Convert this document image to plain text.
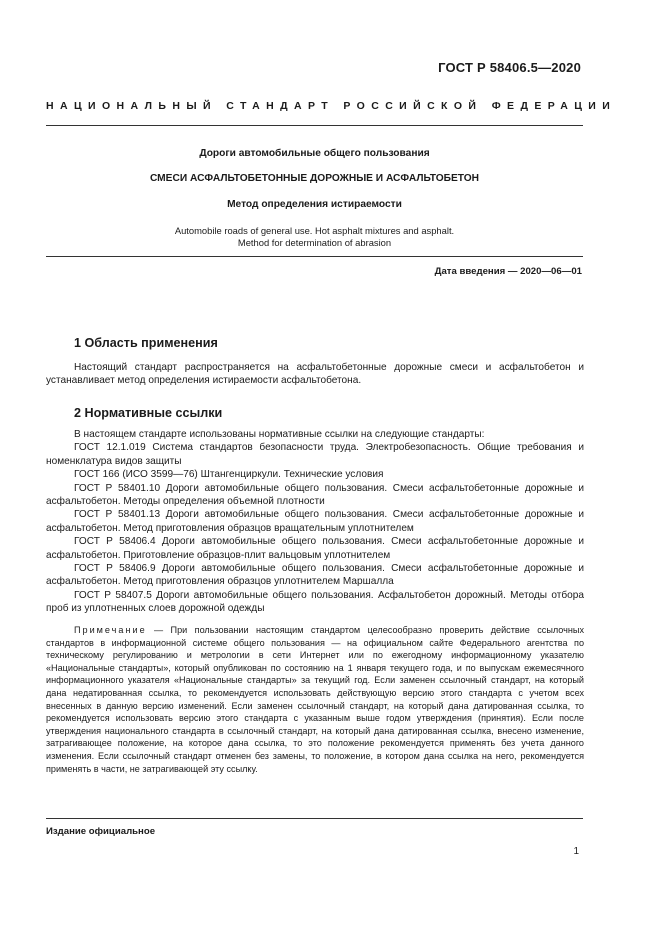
ГОСТ Р 58406.5—2020
НАЦИОНАЛЬНЫЙ СТАНДАРТ РОССИЙСКОЙ ФЕДЕРАЦИИ
Дороги автомобильные общего пользования
СМЕСИ АСФАЛЬТОБЕТОННЫЕ ДОРОЖНЫЕ И АСФАЛЬТОБЕТОН
Метод определения истираемости
Automobile roads of general use. Hot asphalt mixtures and asphalt.
Method for determination of abrasion
Дата введения — 2020—06—01
1 Область применения

Настоящий стандарт распространяется на асфальтобетонные дорожные смеси и асфальтобетон и устанавливает метод определения истираемости асфальтобетона.

2 Нормативные ссылки

В настоящем стандарте использованы нормативные ссылки на следующие стандарты:

ГОСТ 12.1.019 Система стандартов безопасности труда. Электробезопасность. Общие требования и номенклатура видов защиты

ГОСТ 166 (ИСО 3599—76) Штангенциркули. Технические условия

ГОСТ Р 58401.10 Дороги автомобильные общего пользования. Смеси асфальтобетонные дорожные и асфальтобетон. Методы определения объемной плотности

ГОСТ Р 58401.13 Дороги автомобильные общего пользования. Смеси асфальтобетонные дорожные и асфальтобетон. Метод приготовления образцов вращательным уплотнителем

ГОСТ Р 58406.4 Дороги автомобильные общего пользования. Смеси асфальтобетонные дорожные и асфальтобетон. Приготовление образцов-плит вальцовым уплотнителем

ГОСТ Р 58406.9 Дороги автомобильные общего пользования. Смеси асфальтобетонные дорожные и асфальтобетон. Метод приготовления образцов уплотнителем Маршалла

ГОСТ Р 58407.5 Дороги автомобильные общего пользования. Асфальтобетон дорожный. Методы отбора проб из уплотненных слоев дорожной одежды

Примечание — При пользовании настоящим стандартом целесообразно проверить действие ссылочных стандартов в информационной системе общего пользования — на официальном сайте Федерального агентства по техническому регулированию и метрологии в сети Интернет или по ежегодному информационному указателю «Национальные стандарты», который опубликован по состоянию на 1 января текущего года, и по выпускам ежемесячного информационного указателя «Национальные стандарты» за текущий год. Если заменен ссылочный стандарт, на который дана недатированная ссылка, то рекомендуется использовать действующую версию этого стандарта с учетом всех внесенных в данную версию изменений. Если заменен ссылочный стандарт, на который дана датированная ссылка, то рекомендуется использовать версию этого стандарта с указанным выше годом утверждения (принятия). Если после утверждения национального стандарта в ссылочный стандарт, на который дана датированная ссылка, внесено изменение, затрагивающее положение, на которое дана ссылка, то это положение рекомендуется применять без учета данного изменения. Если ссылочный стандарт отменен без замены, то положение, в котором дана ссылка на него, рекомендуется применять в части, не затрагивающей эту ссылку.

Издание официальное
1
